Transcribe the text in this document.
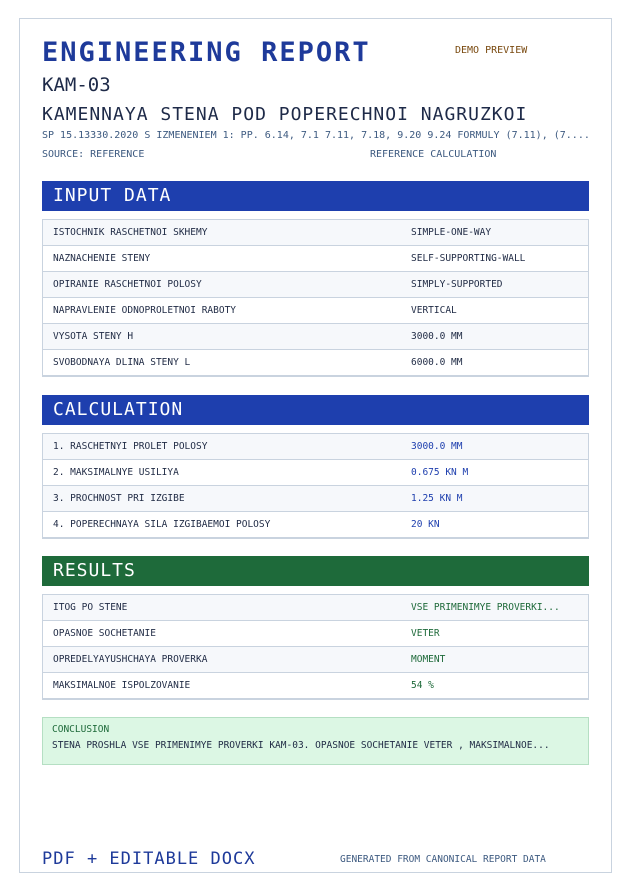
ENGINEERING REPORT	DEMO PREVIEW
KAM-03
KAMENNAYA STENA POD POPERECHNOI NAGRUZKOI
SP 15.13330.2020 S IZMENENIEM 1: PP. 6.14, 7.1 7.11, 7.18, 9.20 9.24 FORMULY (7.11), (7....
SOURCE: REFERENCE	REFERENCE CALCULATION
INPUT DATA
ISTOCHNIK RASCHETNOI SKHEMY	SIMPLE-ONE-WAY
NAZNACHENIE STENY	SELF-SUPPORTING-WALL
OPIRANIE RASCHETNOI POLOSY	SIMPLY-SUPPORTED
NAPRAVLENIE ODNOPROLETNOI RABOTY	VERTICAL
VYSOTA STENY H	3000.0 MM
SVOBODNAYA DLINA STENY L	6000.0 MM
CALCULATION
1. RASCHETNYI PROLET POLOSY	3000.0 MM
2. MAKSIMALNYE USILIYA	0.675 KN M
3. PROCHNOST PRI IZGIBE	1.25 KN M
4. POPERECHNAYA SILA IZGIBAEMOI POLOSY	20 KN
RESULTS
ITOG PO STENE	VSE PRIMENIMYE PROVERKI...
OPASNOE SOCHETANIE	VETER
OPREDELYAYUSHCHAYA PROVERKA	MOMENT
MAKSIMALNOE ISPOLZOVANIE	54 %
CONCLUSION
STENA PROSHLA VSE PRIMENIMYE PROVERKI KAM-03. OPASNOE SOCHETANIE VETER , MAKSIMALNOE...
PDF + EDITABLE DOCX	GENERATED FROM CANONICAL REPORT DATA
